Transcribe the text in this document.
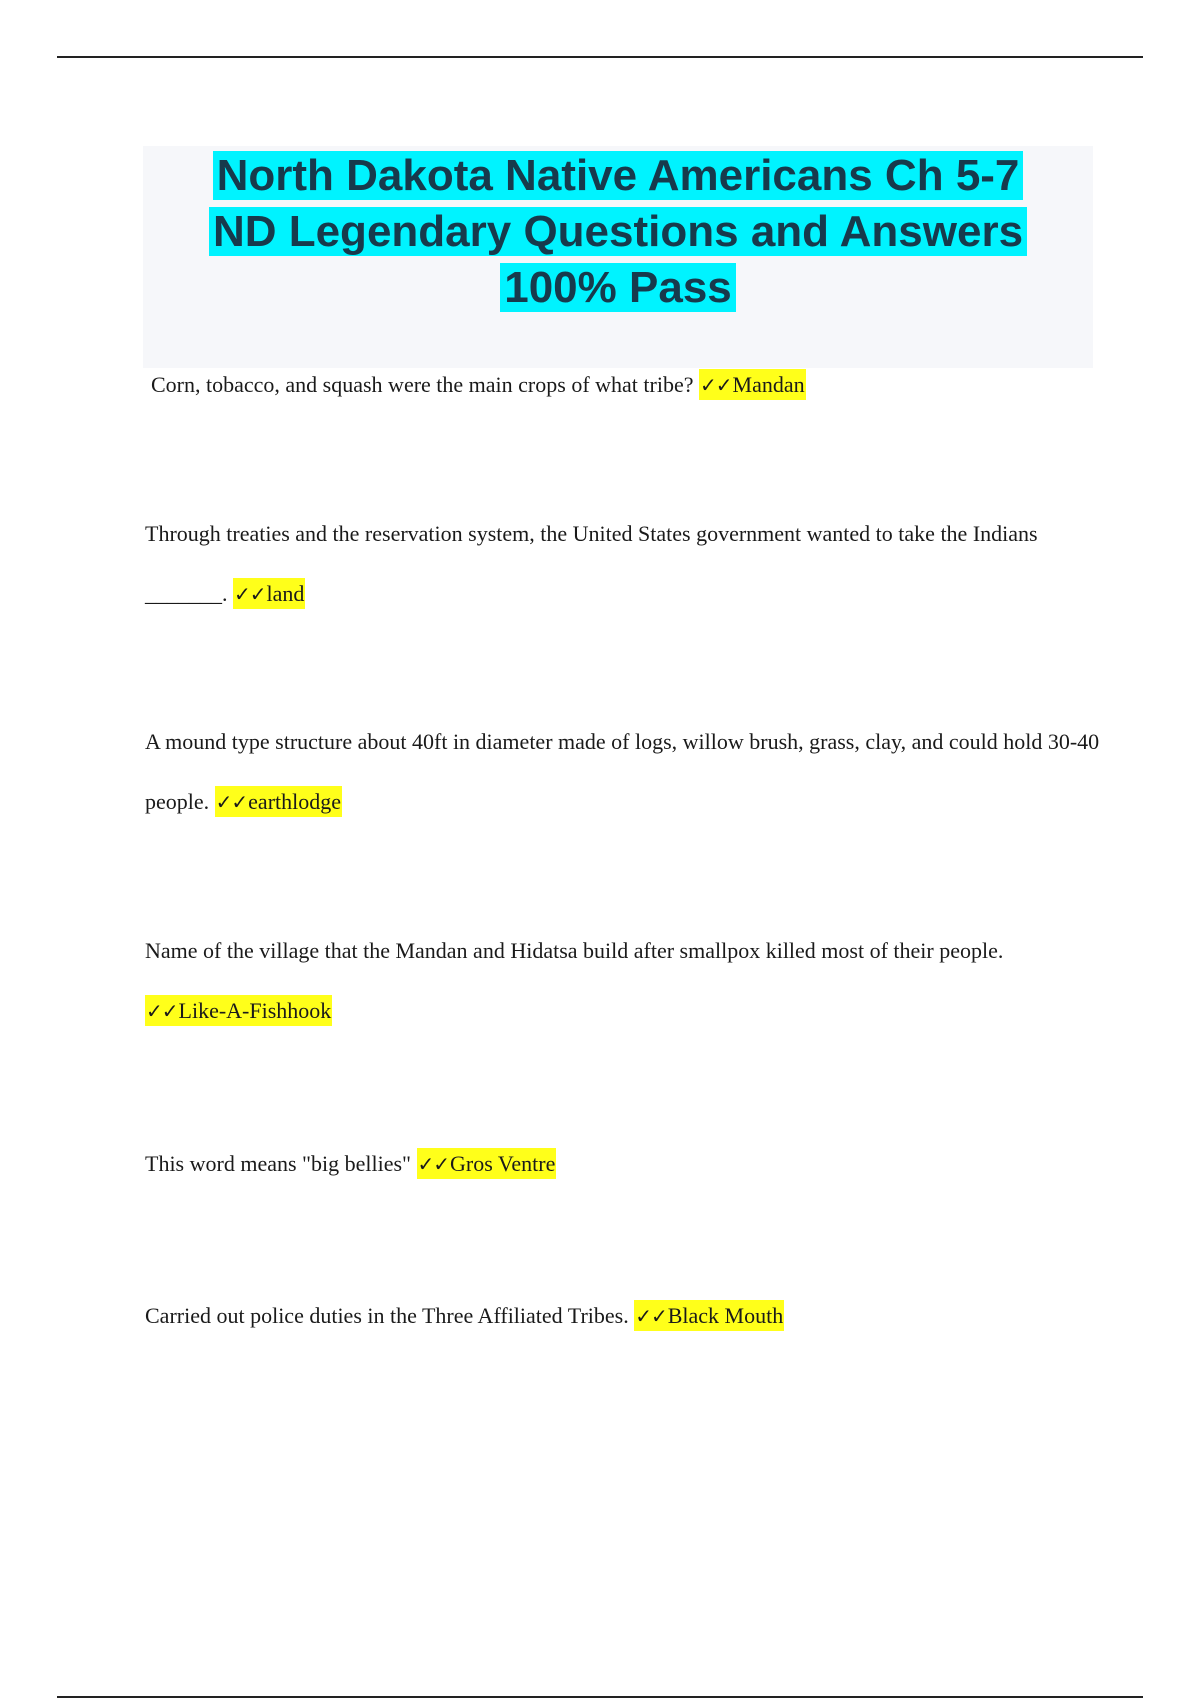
North Dakota Native Americans Ch 5-7
ND Legendary Questions and Answers
100% Pass

Corn, tobacco, and squash were the main crops of what tribe? ✓✓Mandan

Through treaties and the reservation system, the United States government wanted to take the Indians _______. ✓✓land

A mound type structure about 40ft in diameter made of logs, willow brush, grass, clay, and could hold 30-40 people. ✓✓earthlodge

Name of the village that the Mandan and Hidatsa build after smallpox killed most of their people. ✓✓Like-A-Fishhook

This word means "big bellies" ✓✓Gros Ventre

Carried out police duties in the Three Affiliated Tribes. ✓✓Black Mouth
